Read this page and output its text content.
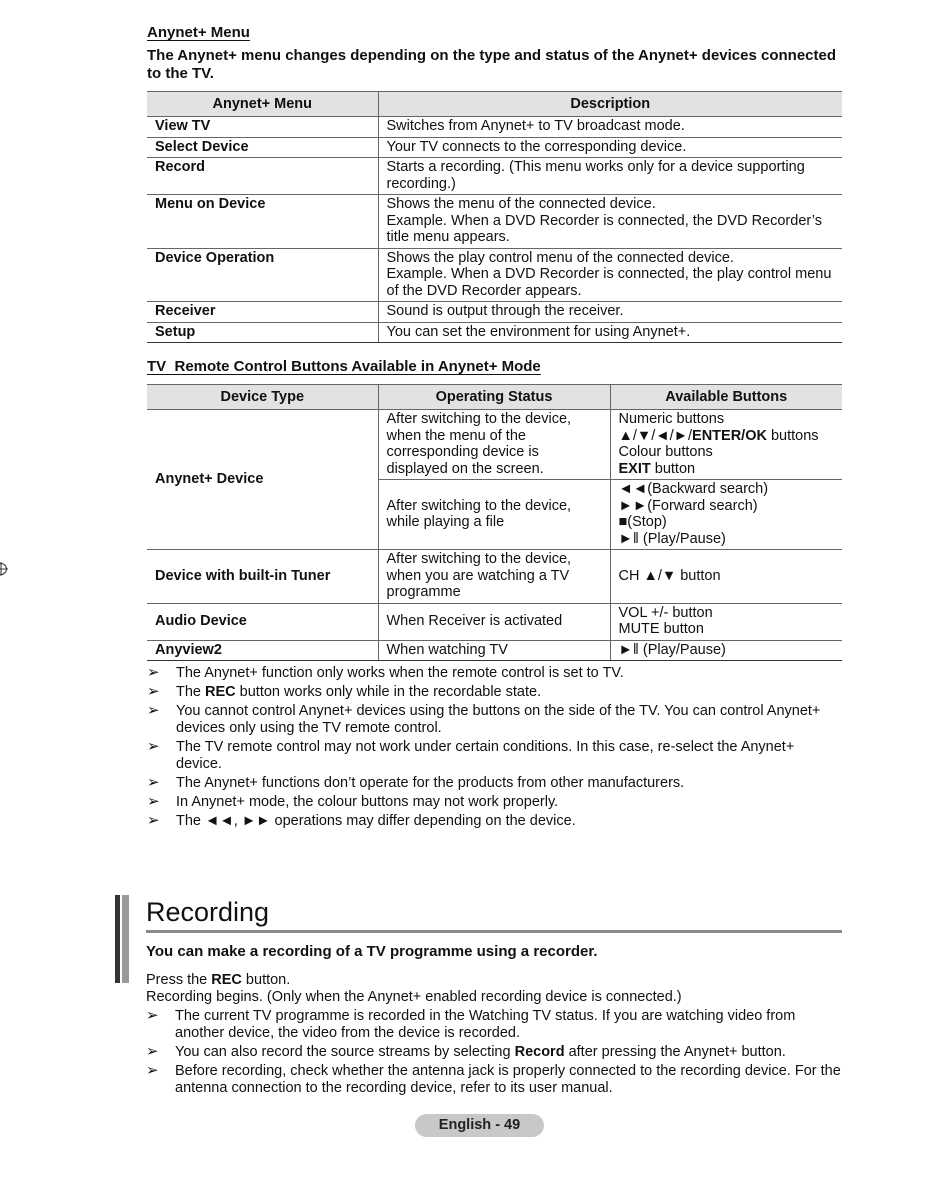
Anynet+ Menu

The Anynet+ menu changes depending on the type and status of the Anynet+ devices connected to the TV.

Anynet+ Menu	Description
View TV	Switches from Anynet+ to TV broadcast mode.
Select Device	Your TV connects to the corresponding device.
Record	Starts a recording. (This menu works only for a device supporting recording.)
Menu on Device	Shows the menu of the connected device.
Example. When a DVD Recorder is connected, the DVD Recorder’s title menu appears.

Device Operation	Shows the play control menu of the connected device.
Example. When a DVD Recorder is connected, the play control menu of the DVD Recorder appears.

Receiver	Sound is output through the receiver.
Setup	You can set the environment for using Anynet+.
TV  Remote Control Buttons Available in Anynet+ Mode
Device Type	Operating Status	Available Buttons
Anynet+ Device	After switching to the device, when the menu of the corresponding device is displayed on the screen.	Numeric buttons
▲/▼/◄/►/ENTER/OK buttons
Colour buttons
EXIT button

	After switching to the device, while playing a file	◄◄(Backward search)
►►(Forward search)
■(Stop)
►‖ (Play/Pause)

Device with built-in Tuner	After switching to the device, when you are watching a TV programme	CH ▲/▼ button
Audio Device	When Receiver is activated	VOL +/- button
MUTE button

Anyview2	When watching TV	►‖ (Play/Pause)
➢ The Anynet+ function only works when the remote control is set to TV.
➢ The REC button works only while in the recordable state.
➢ You cannot control Anynet+ devices using the buttons on the side of the TV. You can control Anynet+ devices only using the TV remote control.
➢ The TV remote control may not work under certain conditions. In this case, re-select the Anynet+ device.
➢ The Anynet+ functions don’t operate for the products from other manufacturers.
➢ In Anynet+ mode, the colour buttons may not work properly.
➢ The ◄◄, ►► operations may differ depending on the device.
Recording

You can make a recording of a TV programme using a recorder.

Press the REC button.

Recording begins. (Only when the Anynet+ enabled recording device is connected.)

➢ The current TV programme is recorded in the Watching TV status. If you are watching video from another device, the video from the device is recorded.
➢ You can also record the source streams by selecting Record after pressing the Anynet+ button.
➢ Before recording, check whether the antenna jack is properly connected to the recording device. For the antenna connection to the recording device, refer to its user manual.
English - 49
